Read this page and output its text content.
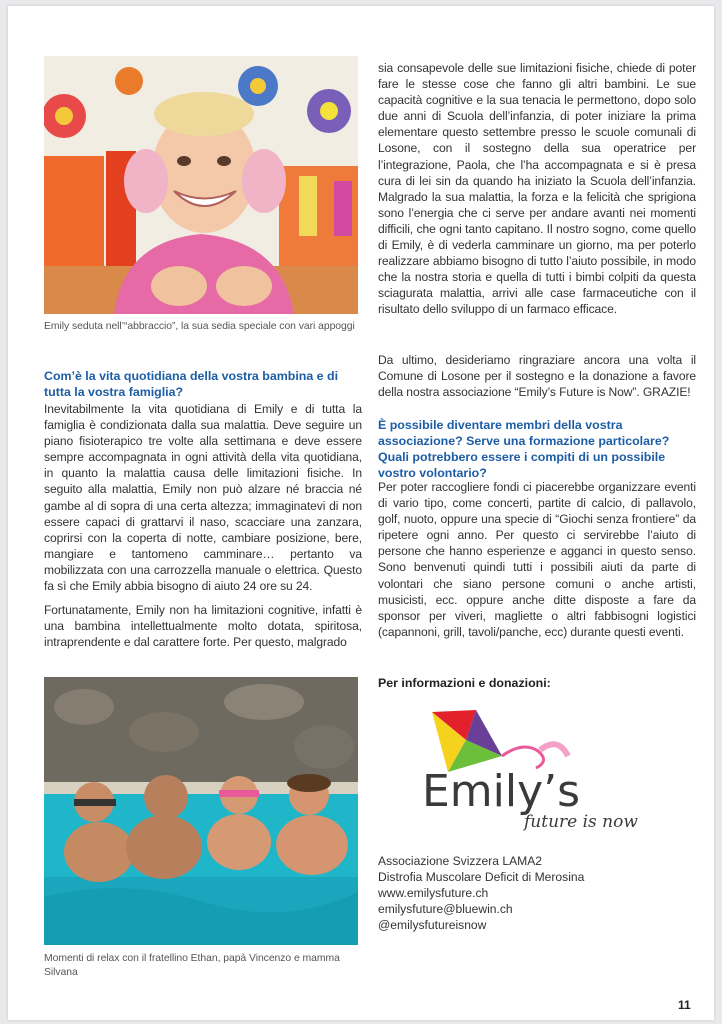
Emily seduta nell’“abbraccio”, la sua sedia speciale con vari appoggi

Com’è la vita quotidiana della vostra bambina e di tutta la vostra famiglia?

Inevitabilmente la vita quotidiana di Emily e di tutta la famiglia è condizionata dalla sua malattia. Deve seguire un piano fisioterapico tre volte alla settimana e deve essere sempre accompagnata in ogni attività della vita quotidiana, in quanto la malattia causa delle limitazioni fisiche. In seguito alla malattia, Emily non può alzare né braccia né gambe al di sopra di una certa altezza; immaginatevi di non essere capaci di grattarvi il naso, scacciare una zanzara, coprirsi con la coperta di notte, cambiare posizione, bere, mangiare e tantomeno camminare… pertanto va mobilizzata con una carrozzella manuale o elettrica. Questo fa sì che Emily abbia bisogno di aiuto 24 ore su 24.

Fortunatamente, Emily non ha limitazioni cognitive, infatti è una bambina intellettualmente molto dotata, spiritosa, intraprendente e dal carattere forte. Per questo, malgrado

Momenti di relax con il fratellino Ethan, papà Vincenzo e mamma Silvana

sia consapevole delle sue limitazioni fisiche, chiede di poter fare le stesse cose che fanno gli altri bambini. Le sue capacità cognitive e la sua tenacia le permettono, dopo solo due anni di Scuola dell’infanzia, di poter iniziare la prima elementare questo settembre presso le scuole comunali di Losone, con il sostegno della sua operatrice per l’integrazione, Paola, che l’ha accompagnata e si è presa cura di lei sin da quando ha iniziato la Scuola dell’infanzia. Malgrado la sua malattia, la forza e la felicità che sprigiona sono l’energia che ci serve per andare avanti nei momenti difficili, che ogni tanto capitano. Il nostro sogno, come quello di Emily, è di vederla camminare un giorno, ma per poterlo realizzare abbiamo bisogno di tutto l’aiuto possibile, in modo che la nostra storia e quella di tutti i bimbi colpiti da questa sciagurata malattia, arrivi alle case farmaceutiche con il risultato dello sviluppo di un farmaco efficace.

Da ultimo, desideriamo ringraziare ancora una volta il Comune di Losone per il sostegno e la donazione a favore della nostra associazione “Emily’s Future is Now”. GRAZIE!

È possibile diventare membri della vostra associazione? Serve una formazione particolare? Quali potrebbero essere i compiti di un possibile vostro volontario?

Per poter raccogliere fondi ci piacerebbe organizzare eventi di vario tipo, come concerti, partite di calcio, di pallavolo, golf, nuoto, oppure una specie di “Giochi senza frontiere” da ripetere ogni anno. Per questo ci servirebbe l’aiuto di persone che hanno esperienze e agganci in questo senso. Sono benvenuti quindi tutti i possibili aiuti da parte di volontari che siano persone comuni o anche artisti, musicisti, ecc. oppure anche ditte disposte a fare da sponsor per viveri, magliette o altri fabbisogni logistici (capannoni, grill, tavoli/panche, ecc) durante questi eventi.

Per informazioni e donazioni:
Emily’s
future is now
Associazione Svizzera LAMA2
Distrofia Muscolare Deficit di Merosina
www.emilysfuture.ch
emilysfuture@bluewin.ch
@emilysfutureisnow
11
